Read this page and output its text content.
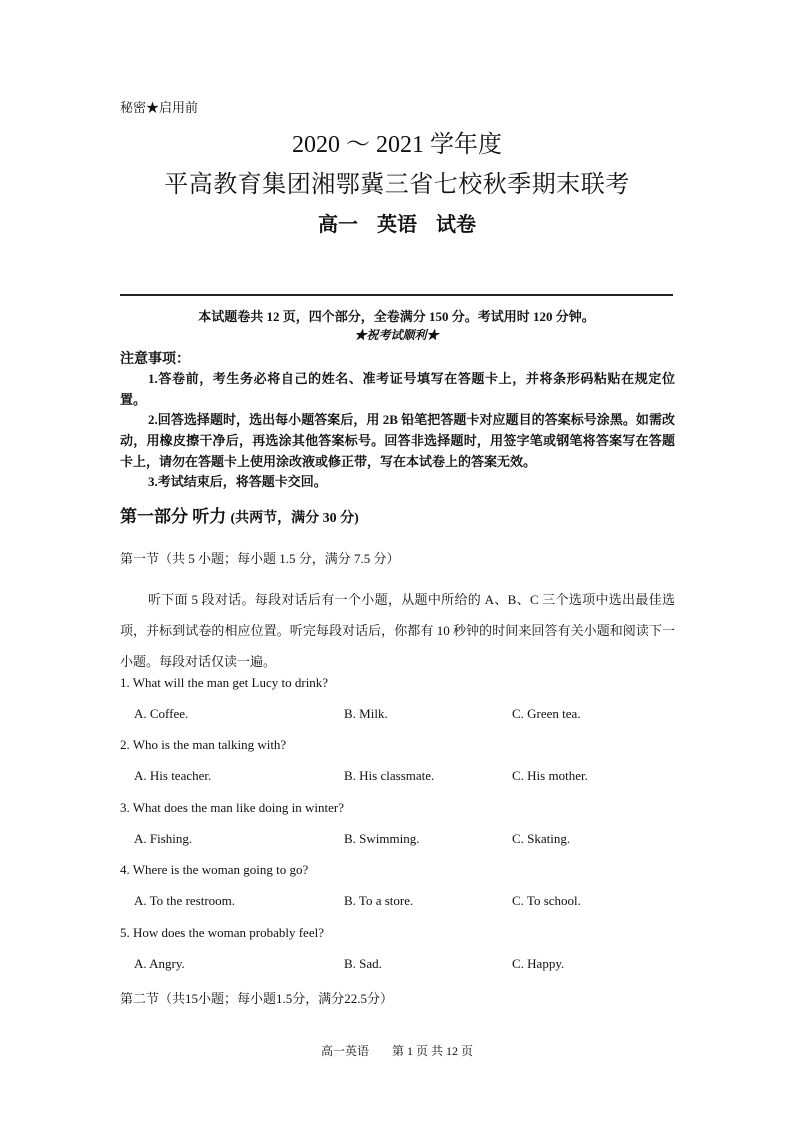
秘密★启用前
2020 ～ 2021 学年度
平高教育集团湘鄂冀三省七校秋季期末联考
高一 英语 试卷
本试题卷共 12 页，四个部分，全卷满分 150 分。考试用时 120 分钟。
★祝考试顺利★
注意事项：
1.答卷前，考生务必将自己的姓名、准考证号填写在答题卡上，并将条形码粘贴在规定位置。
2.回答选择题时，选出每小题答案后，用 2B 铅笔把答题卡对应题目的答案标号涂黑。如需改动，用橡皮擦干净后，再选涂其他答案标号。回答非选择题时，用签字笔或钢笔将答案写在答题卡上，请勿在答题卡上使用涂改液或修正带，写在本试卷上的答案无效。
3.考试结束后，将答题卡交回。
第一部分 听力 (共两节，满分 30 分)
第一节（共 5 小题；每小题 1.5 分，满分 7.5 分）
听下面 5 段对话。每段对话后有一个小题，从题中所给的 A、B、C 三个选项中选出最佳选项，并标到试卷的相应位置。听完每段对话后，你都有 10 秒钟的时间来回答有关小题和阅读下一小题。每段对话仅读一遍。
1. What will the man get Lucy to drink?
A. Coffee.	B. Milk.	C. Green tea.
2. Who is the man talking with?
A. His teacher.	B. His classmate.	C. His mother.
3. What does the man like doing in winter?
A. Fishing.	B. Swimming.	C. Skating.
4. Where is the woman going to go?
A. To the restroom.	B. To a store.	C. To school.
5. How does the woman probably feel?
A. Angry.	B. Sad.	C. Happy.
第二节（共15小题；每小题1.5分，满分22.5分）
高一英语 第 1 页 共 12 页
